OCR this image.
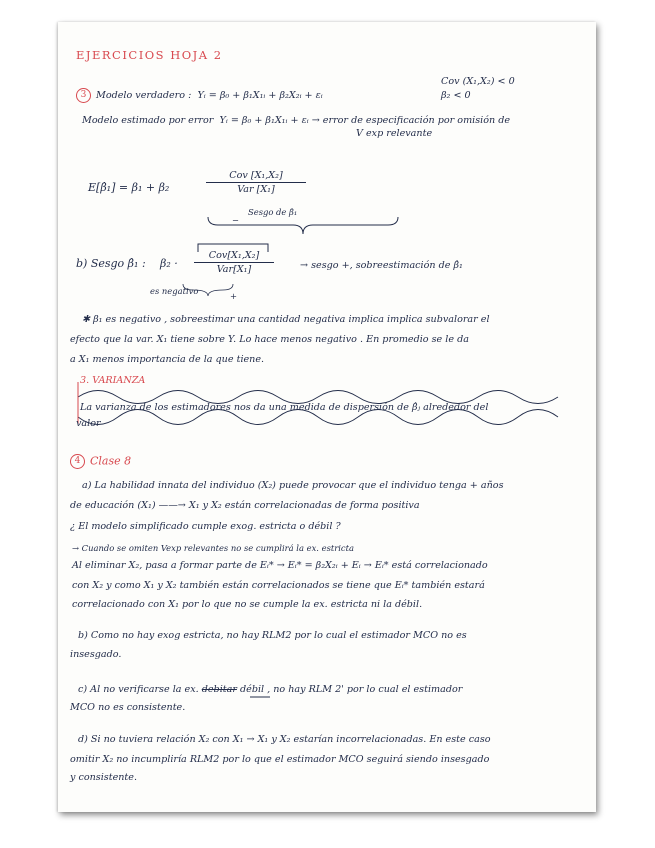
EJERCICIOS HOJA 2
3 Modelo verdadero : Yᵢ = β₀ + β₁X₁ᵢ + β₂X₂ᵢ + εᵢ
Cov (X₁,X₂) < 0
β₂ < 0
Modelo estimado por error Yᵢ = β₀ + β₁X₁ᵢ + εᵢ → error de especificación por omisión de
V exp relevante
E[β̂₁] = β₁ + β₂
Cov [X₁,X₂]
Var [X₁]
−
Sesgo de β̂₁
b) Sesgo β̂₁ : β₂ ·
Cov[X₁,X₂]
Var[X₁]
+
es negativo
→ sesgo +, sobreestimación de β̂₁
✱ β₁ es negativo , sobreestimar una cantidad negativa implica implica subvalorar el
efecto que la var. X₁ tiene sobre Y. Lo hace menos negativo . En promedio se le da
a X₁ menos importancia de la que tiene.
3. VARIANZA
La varianza de los estimadores nos da una medida de dispersión de β̂ⱼ alrededor del
valor
4 Clase 8
a) La habilidad innata del individuo (X₂) puede provocar que el individuo tenga + años
de educación (X₁) ——→ X₁ y X₂ están correlacionadas de forma positiva
¿ El modelo simplificado cumple exog. estricta o débil ?
→ Cuando se omiten Vexp relevantes no se cumplirá la ex. estricta
Al eliminar X₂, pasa a formar parte de Eᵢ* → Eᵢ* = β₂X₂ᵢ + Eᵢ → Eᵢ* está correlacionado
con X₂ y como X₁ y X₂ también están correlacionados se tiene que Eᵢ* también estará
correlacionado con X₁ por lo que no se cumple la ex. estricta ni la débil.
b) Como no hay exog estricta, no hay RLM2 por lo cual el estimador MCO no es
insesgado.
c) Al no verificarse la ex. debitar débil , no hay RLM 2' por lo cual el estimador
MCO no es consistente.
d) Si no tuviera relación X₂ con X₁ → X₁ y X₂ estarían incorrelacionadas. En este caso
omitir X₂ no incumpliría RLM2 por lo que el estimador MCO seguirá siendo insesgado
y consistente.
